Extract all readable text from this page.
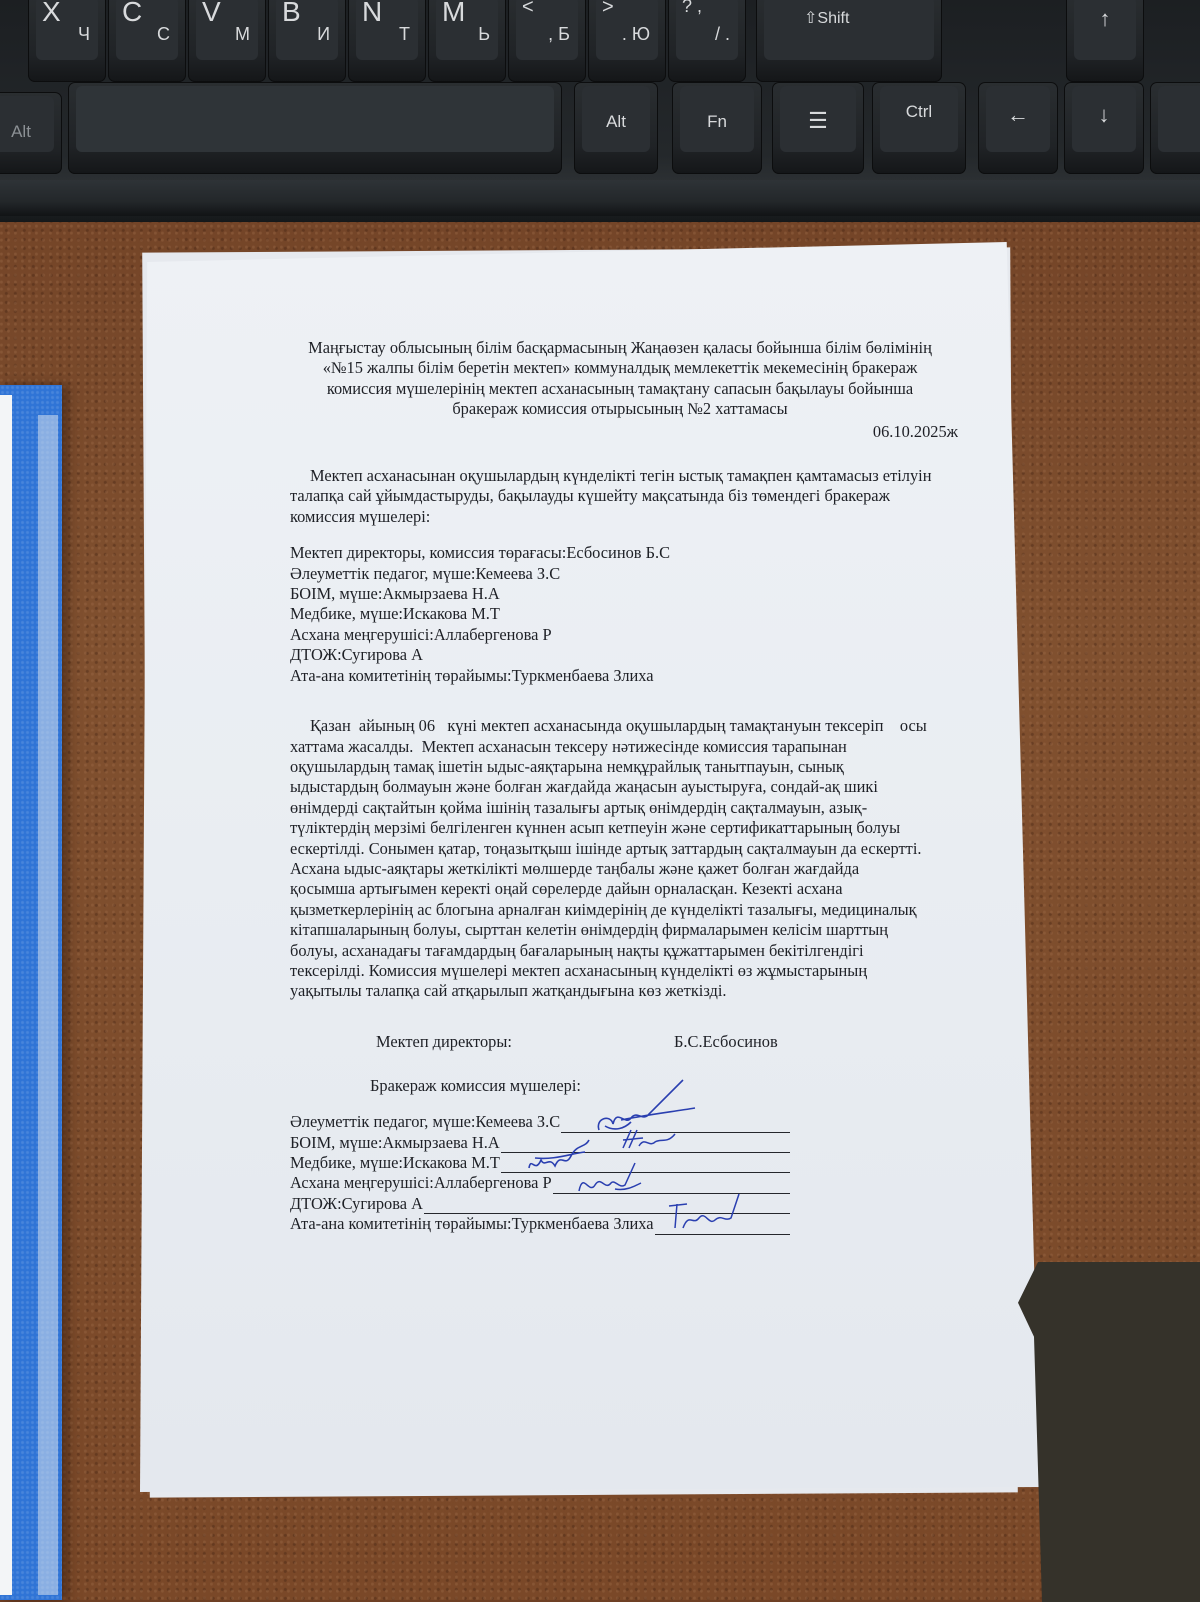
X
Ч
C
С
V
М
B
И
N
Т
M
Ь
<
, Б
>
. Ю
? ,
/ .
⇧Shift	↑
Alt
Alt	Fn	☰	Ctrl	←	↓
Маңғыстау облысының білім басқармасының Жаңаөзен қаласы бойынша білім бөлімінің
«№15 жалпы білім беретін мектеп» коммуналдық мемлекеттік мекемесінің бракераж
комиссия мүшелерінің мектеп асханасының тамақтану сапасын бақылауы бойынша
бракераж комиссия отырысының №2 хаттамасы
06.10.2025ж
Мектеп асханасынан оқушылардың күнделікті тегін ыстық тамақпен қамтамасыз етілуін талапқа сай ұйымдастыруды, бақылауды күшейту мақсатында біз төмендегі бракераж комиссия мүшелері:
Мектеп директоры, комиссия төрағасы:Есбосинов Б.С
Әлеуметтік педагог, мүше:Кемеева З.С
БОІМ, мүше:Акмырзаева Н.А
Медбике, мүше:Искакова М.Т
Асхана меңгерушісі:Аллабергенова Р
ДТОЖ:Сугирова А
Ата-ана комитетінің төрайымы:Туркменбаева Злиха
Қазан  айының 06   күні мектеп асханасында оқушылардың тамақтануын тексеріп    осы
хаттама жасалды.  Мектеп асханасын тексеру нәтижесінде комиссия тарапынан
оқушылардың тамақ ішетін ыдыс-аяқтарына немқұрайлық танытпауын, сынық
ыдыстардың болмауын және болған жағдайда жаңасын ауыстыруға, сондай-ақ шикі
өнімдерді сақтайтын қойма ішінің тазалығы артық өнімдердің сақталмауын, азық-
түліктердің мерзімі белгіленген күннен асып кетпеуін және сертификаттарының болуы
ескертілді. Сонымен қатар, тоңазытқыш ішінде артық заттардың сақталмауын да ескертті.
Асхана ыдыс-аяқтары жеткілікті мөлшерде таңбалы және қажет болған жағдайда
қосымша артығымен керекті оңай сөрелерде дайын орналасқан. Кезекті асхана
қызметкерлерінің ас блогына арналған киімдерінің де күнделікті тазалығы, медициналық
кітапшаларының болуы, сырттан келетін өнімдердің фирмаларымен келісім шарттың
болуы, асханадағы тағамдардың бағаларының нақты құжаттарымен бекітілгендігі
тексерілді. Комиссия мүшелері мектеп асханасының күнделікті өз жұмыстарының
уақытылы талапқа сай атқарылып жатқандығына көз жеткізді.
Мектеп директоры:	Б.С.Есбосинов
Бракераж комиссия мүшелері:
Әлеуметтік педагог, мүше:Кемеева З.С
БОІМ, мүше:Акмырзаева Н.А
Медбике, мүше:Искакова М.Т
Асхана меңгерушісі:Аллабергенова Р
ДТОЖ:Сугирова А
Ата-ана комитетінің төрайымы:Туркменбаева Злиха
